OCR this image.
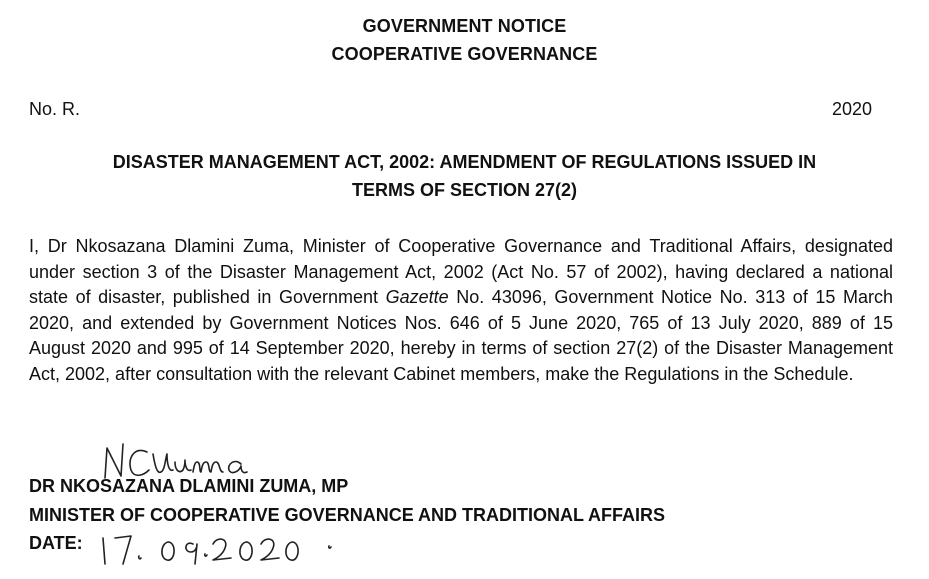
GOVERNMENT NOTICE
COOPERATIVE GOVERNANCE
No. R.	2020
DISASTER MANAGEMENT ACT, 2002: AMENDMENT OF REGULATIONS ISSUED IN
TERMS OF SECTION 27(2)
I, Dr Nkosazana Dlamini Zuma, Minister of Cooperative Governance and Traditional Affairs, designated under section 3 of the Disaster Management Act, 2002 (Act No. 57 of 2002), having declared a national state of disaster, published in Government Gazette No. 43096, Government Notice No. 313 of 15 March 2020, and extended by Government Notices Nos. 646 of 5 June 2020, 765 of 13 July 2020, 889 of 15 August 2020 and 995 of 14 September 2020, hereby in terms of section 27(2) of the Disaster Management Act, 2002, after consultation with the relevant Cabinet members, make the Regulations in the Schedule.
DR NKOSAZANA DLAMINI ZUMA, MP
MINISTER OF COOPERATIVE GOVERNANCE AND TRADITIONAL AFFAIRS
DATE:
